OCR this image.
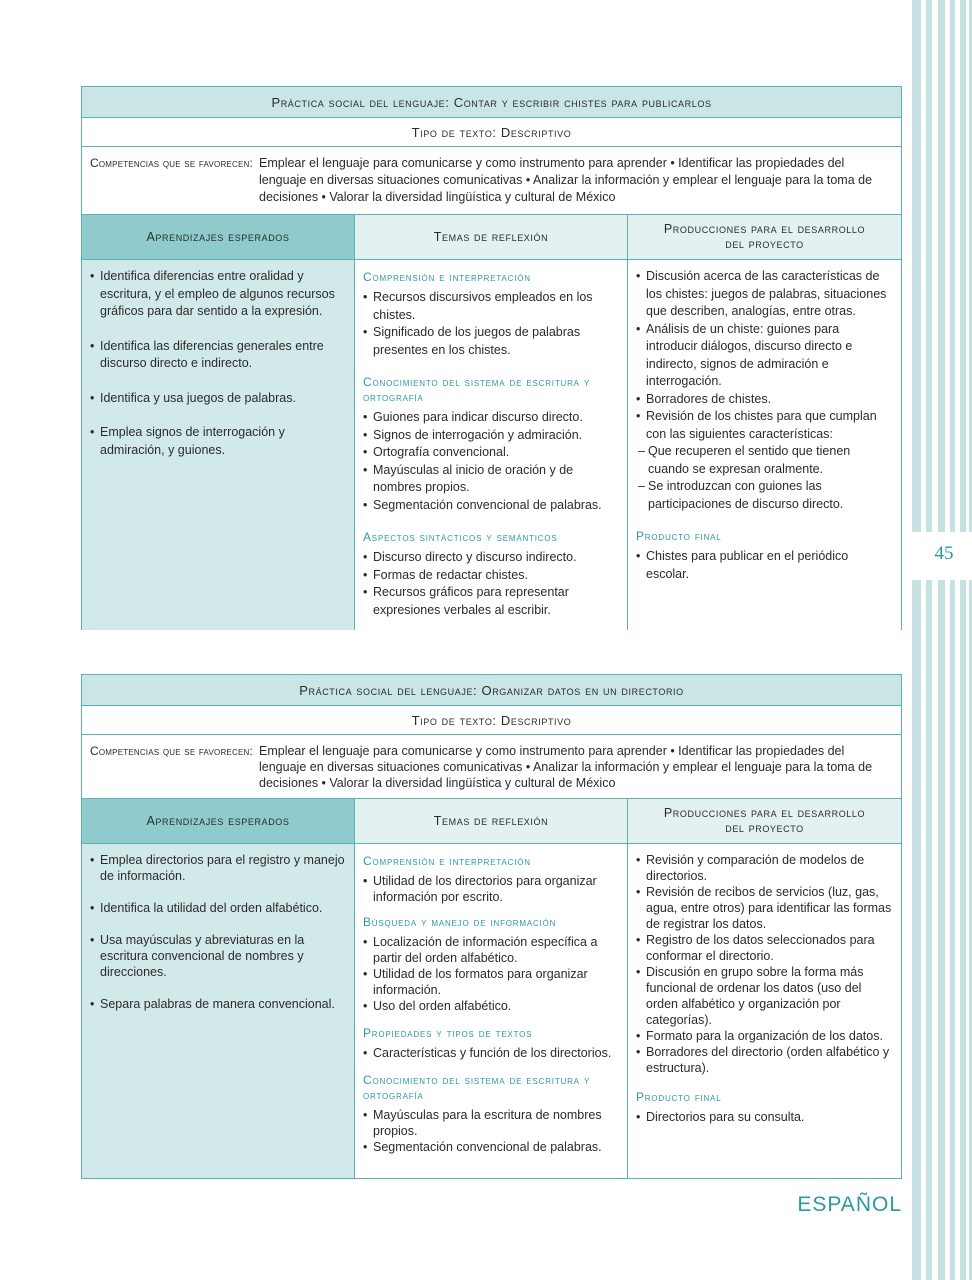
45
Práctica social del lenguaje: Contar y escribir chistes para publicarlos
Tipo de texto: Descriptivo
Competencias que se favorecen: Emplear el lenguaje para comunicarse y como instrumento para aprender • Identificar las propiedades del lenguaje en diversas situaciones comunicativas • Analizar la información y emplear el lenguaje para la toma de decisiones • Valorar la diversidad lingüística y cultural de México
Aprendizajes esperados	Temas de reflexión
Producciones para el desarrollo del proyecto
• Identifica diferencias entre oralidad y escritura, y el empleo de algunos recursos gráficos para dar sentido a la expresión.
• Identifica las diferencias generales entre discurso directo e indirecto.
• Identifica y usa juegos de palabras.
• Emplea signos de interrogación y admiración, y guiones.
Comprensión e interpretación
• Recursos discursivos empleados en los chistes.
• Significado de los juegos de palabras presentes en los chistes.
Conocimiento del sistema de escritura y ortografía
• Guiones para indicar discurso directo.
• Signos de interrogación y admiración.
• Ortografía convencional.
• Mayúsculas al inicio de oración y de nombres propios.
• Segmentación convencional de palabras.
Aspectos sintácticos y semánticos
• Discurso directo y discurso indirecto.
• Formas de redactar chistes.
• Recursos gráficos para representar expresiones verbales al escribir.
• Discusión acerca de las características de los chistes: juegos de palabras, situaciones que describen, analogías, entre otras.
• Análisis de un chiste: guiones para introducir diálogos, discurso directo e indirecto, signos de admiración e interrogación.
• Borradores de chistes.
• Revisión de los chistes para que cumplan con las siguientes características:
– Que recuperen el sentido que tienen cuando se expresan oralmente.
– Se introduzcan con guiones las participaciones de discurso directo.
Producto final
• Chistes para publicar en el periódico escolar.
Práctica social del lenguaje: Organizar datos en un directorio
Tipo de texto: Descriptivo
Competencias que se favorecen: Emplear el lenguaje para comunicarse y como instrumento para aprender • Identificar las propiedades del lenguaje en diversas situaciones comunicativas • Analizar la información y emplear el lenguaje para la toma de decisiones • Valorar la diversidad lingüística y cultural de México
Aprendizajes esperados	Temas de reflexión
Producciones para el desarrollo del proyecto
• Emplea directorios para el registro y manejo de información.
• Identifica la utilidad del orden alfabético.
• Usa mayúsculas y abreviaturas en la escritura convencional de nombres y direcciones.
• Separa palabras de manera convencional.
Comprensión e interpretación
• Utilidad de los directorios para organizar información por escrito.
Búsqueda y manejo de información
• Localización de información específica a partir del orden alfabético.
• Utilidad de los formatos para organizar información.
• Uso del orden alfabético.
Propiedades y tipos de textos
• Características y función de los directorios.
Conocimiento del sistema de escritura y ortografía
• Mayúsculas para la escritura de nombres propios.
• Segmentación convencional de palabras.
• Revisión y comparación de modelos de directorios.
• Revisión de recibos de servicios (luz, gas, agua, entre otros) para identificar las formas de registrar los datos.
• Registro de los datos seleccionados para conformar el directorio.
• Discusión en grupo sobre la forma más funcional de ordenar los datos (uso del orden alfabético y organización por categorías).
• Formato para la organización de los datos.
• Borradores del directorio (orden alfabético y estructura).
Producto final
• Directorios para su consulta.
ESPAÑOL
